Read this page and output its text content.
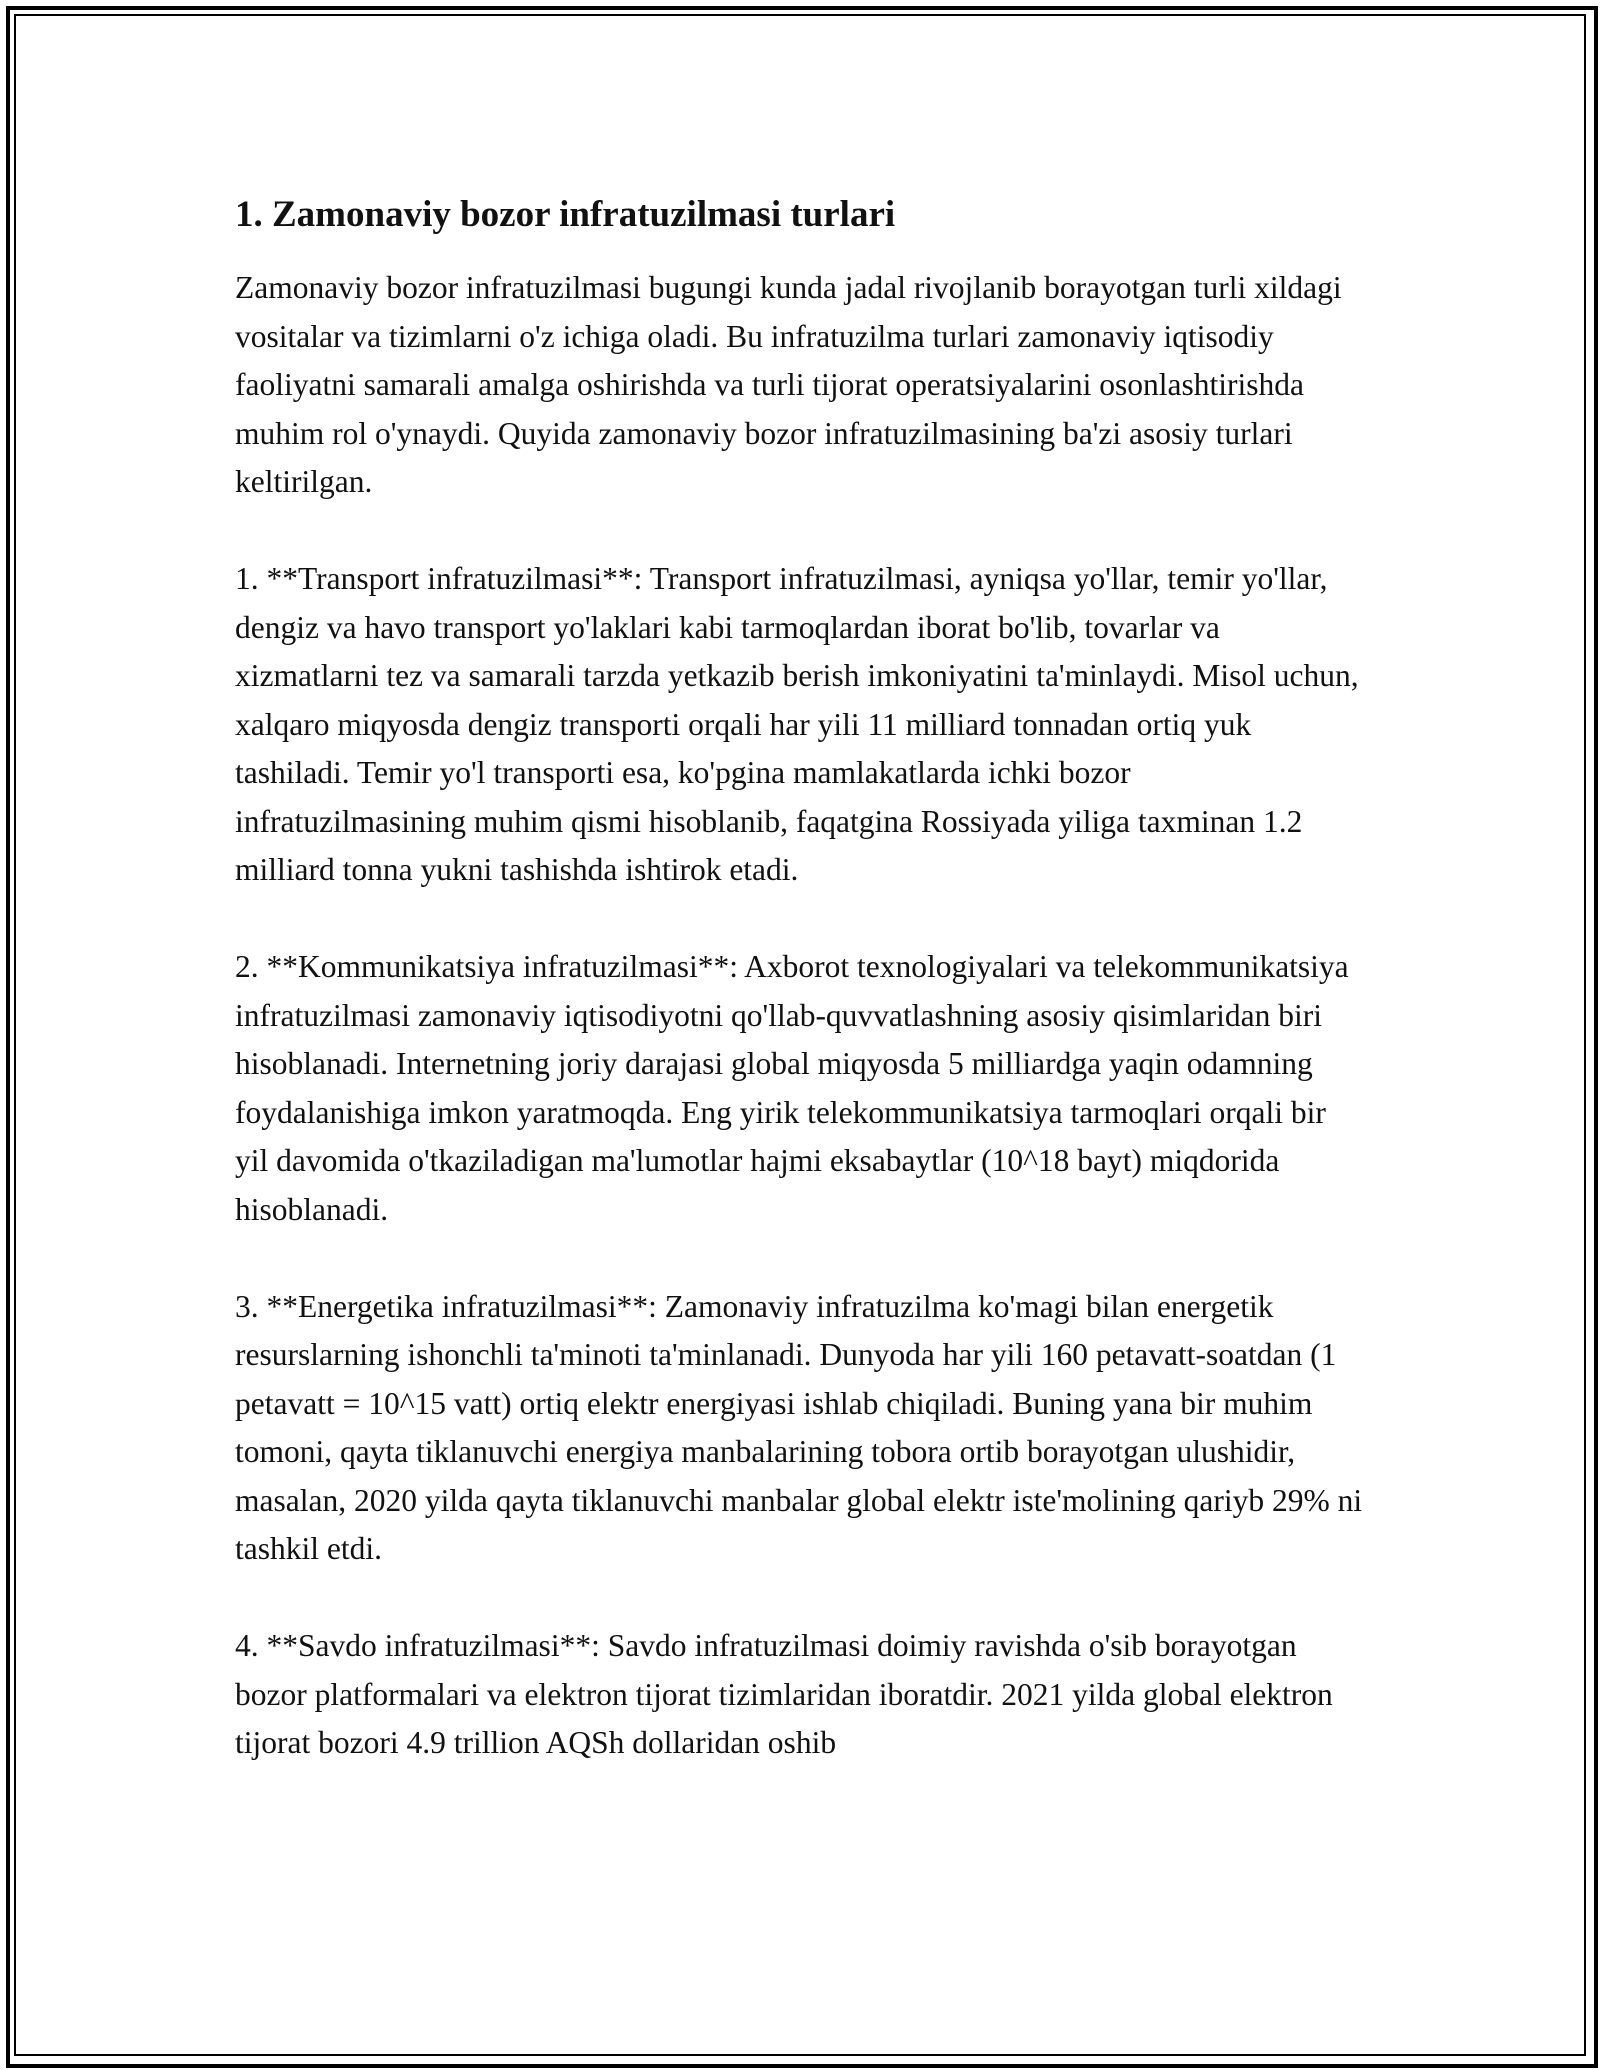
1. Zamonaviy bozor infratuzilmasi turlari

Zamonaviy bozor infratuzilmasi bugungi kunda jadal rivojlanib borayotgan turli xildagi vositalar va tizimlarni o'z ichiga oladi. Bu infratuzilma turlari zamonaviy iqtisodiy faoliyatni samarali amalga oshirishda va turli tijorat operatsiyalarini osonlashtirishda muhim rol o'ynaydi. Quyida zamonaviy bozor infratuzilmasining ba'zi asosiy turlari keltirilgan.

1. **Transport infratuzilmasi**: Transport infratuzilmasi, ayniqsa yo'llar, temir yo'llar, dengiz va havo transport yo'laklari kabi tarmoqlardan iborat bo'lib, tovarlar va xizmatlarni tez va samarali tarzda yetkazib berish imkoniyatini ta'minlaydi. Misol uchun, xalqaro miqyosda dengiz transporti orqali har yili 11 milliard tonnadan ortiq yuk tashiladi. Temir yo'l transporti esa, ko'pgina mamlakatlarda ichki bozor infratuzilmasining muhim qismi hisoblanib, faqatgina Rossiyada yiliga taxminan 1.2 milliard tonna yukni tashishda ishtirok etadi.

2. **Kommunikatsiya infratuzilmasi**: Axborot texnologiyalari va telekommunikatsiya infratuzilmasi zamonaviy iqtisodiyotni qo'llab-quvvatlashning asosiy qisimlaridan biri hisoblanadi. Internetning joriy darajasi global miqyosda 5 milliardga yaqin odamning foydalanishiga imkon yaratmoqda. Eng yirik telekommunikatsiya tarmoqlari orqali bir yil davomida o'tkaziladigan ma'lumotlar hajmi eksabaytlar (10^18 bayt) miqdorida hisoblanadi.

3. **Energetika infratuzilmasi**: Zamonaviy infratuzilma ko'magi bilan energetik resurslarning ishonchli ta'minoti ta'minlanadi. Dunyoda har yili 160 petavatt-soatdan (1 petavatt = 10^15 vatt) ortiq elektr energiyasi ishlab chiqiladi. Buning yana bir muhim tomoni, qayta tiklanuvchi energiya manbalarining tobora ortib borayotgan ulushidir, masalan, 2020 yilda qayta tiklanuvchi manbalar global elektr iste'molining qariyb 29% ni tashkil etdi.

4. **Savdo infratuzilmasi**: Savdo infratuzilmasi doimiy ravishda o'sib borayotgan bozor platformalari va elektron tijorat tizimlaridan iboratdir. 2021 yilda global elektron tijorat bozori 4.9 trillion AQSh dollaridan oshib
